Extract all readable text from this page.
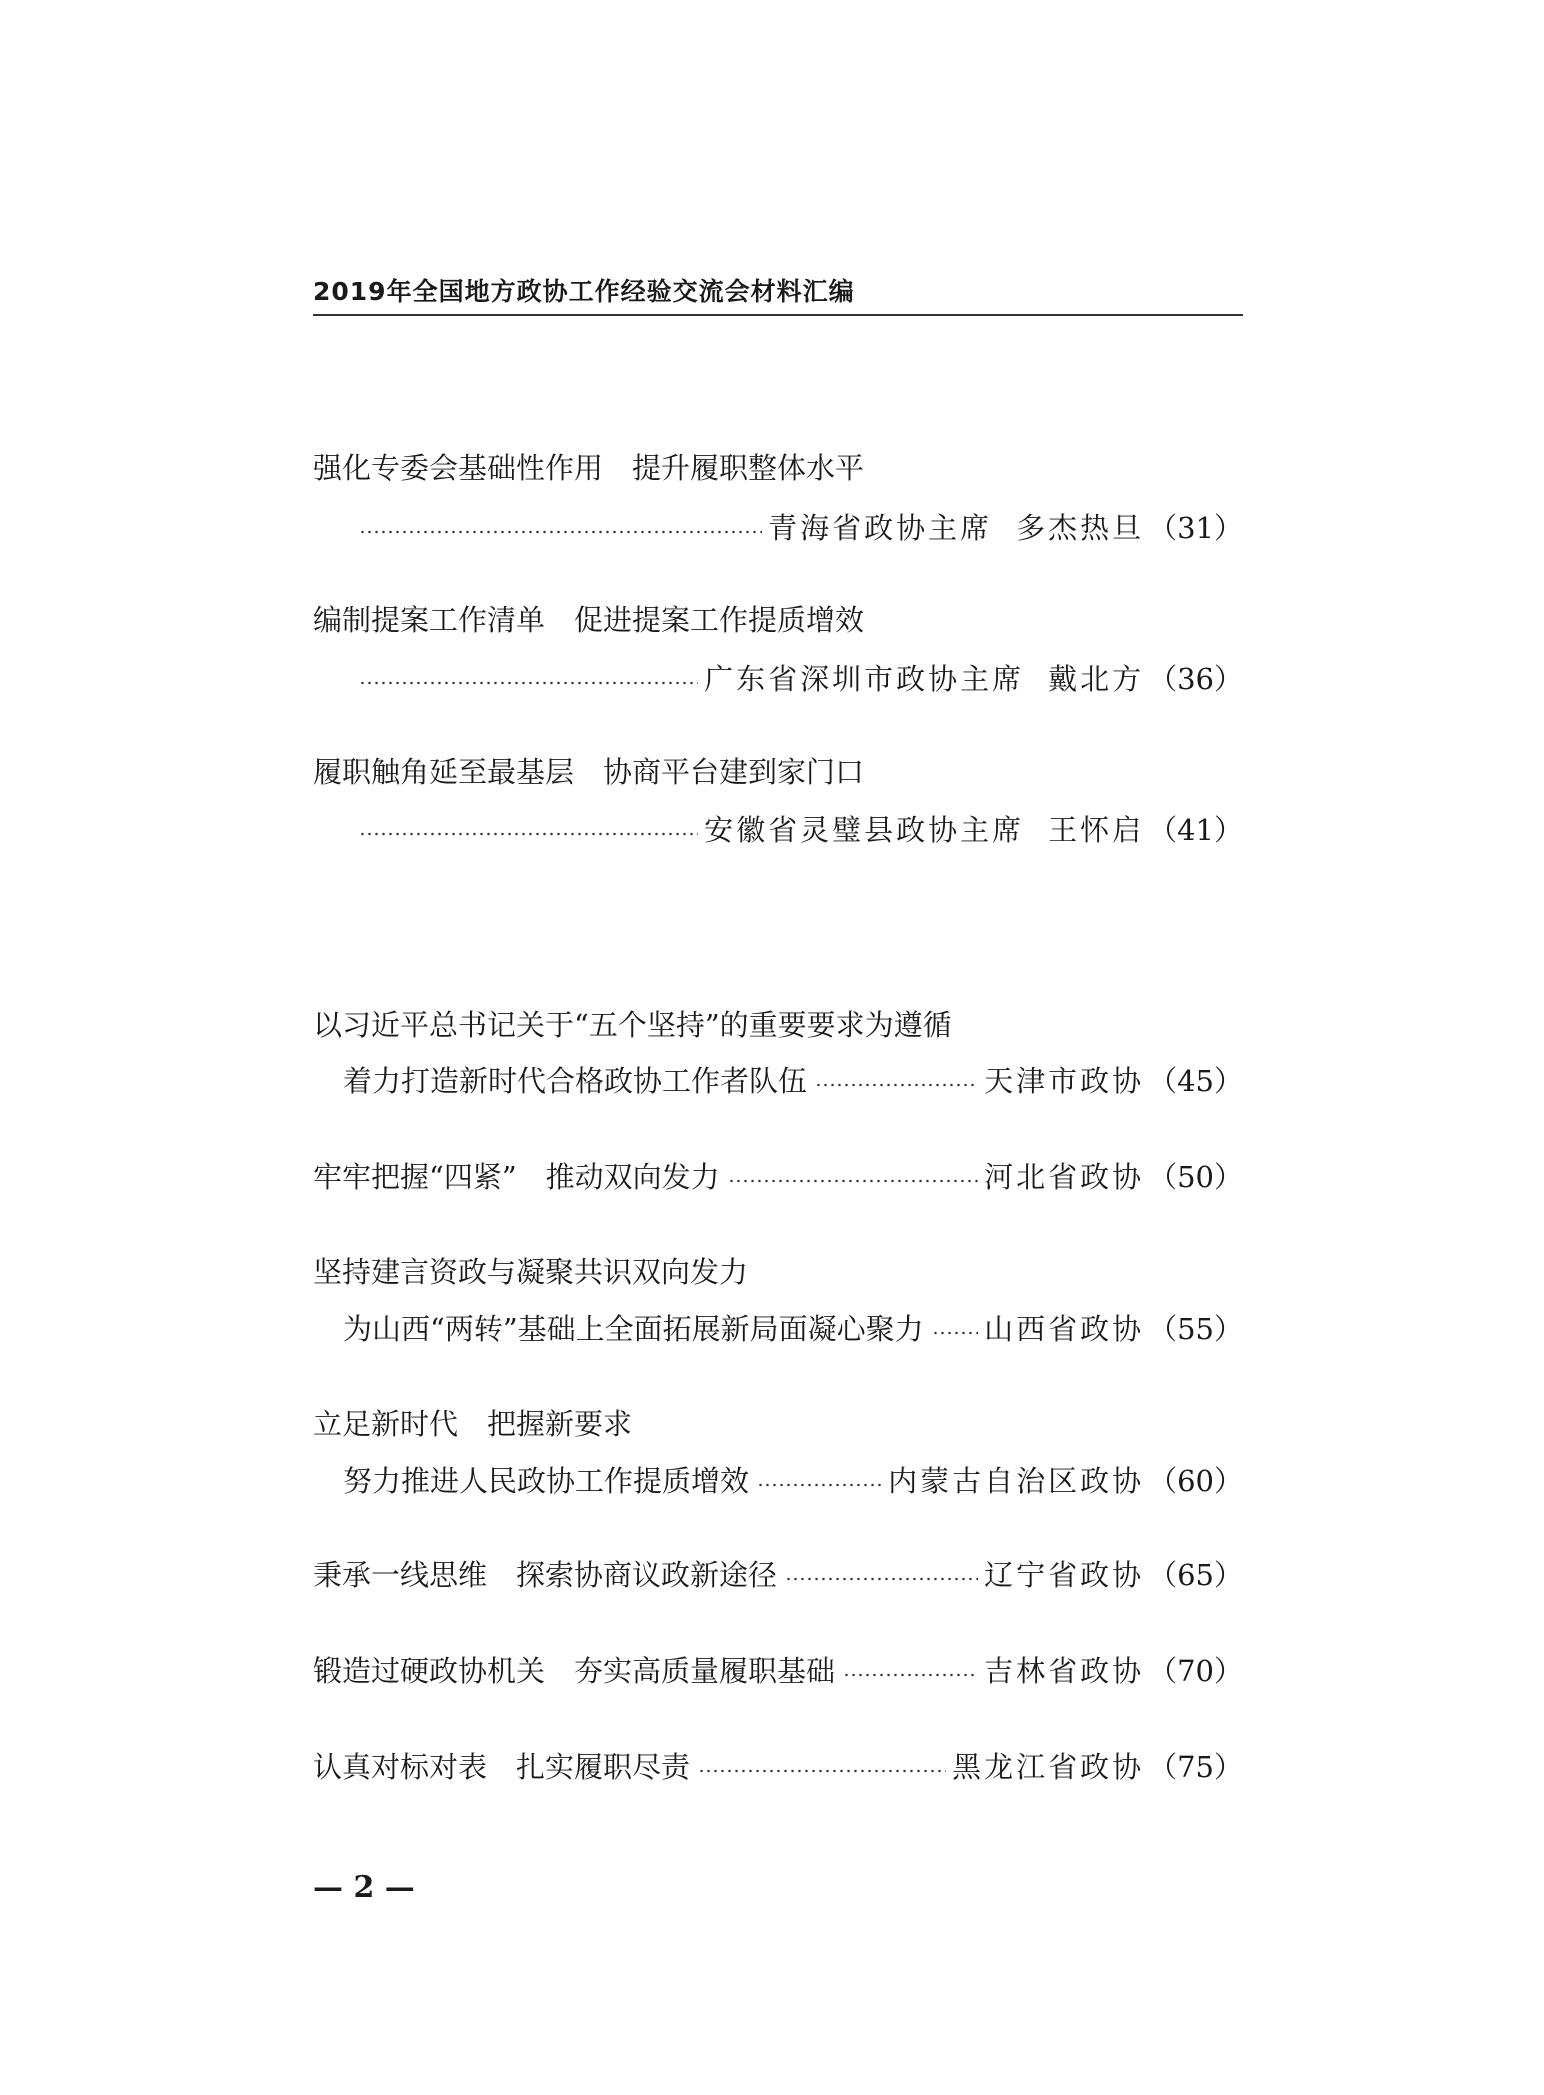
2019年全国地方政协工作经验交流会材料汇编
强化专委会基础性作用　提升履职整体水平
青海省政协主席 多杰热旦 （31）
编制提案工作清单　促进提案工作提质增效
广东省深圳市政协主席 戴北方 （36）
履职触角延至最基层　协商平台建到家门口
安徽省灵璧县政协主席 王怀启 （41）
以习近平总书记关于“五个坚持”的重要要求为遵循
着力打造新时代合格政协工作者队伍	天津市政协 （45）
牢牢把握“四紧”　推动双向发力	河北省政协 （50）
坚持建言资政与凝聚共识双向发力
为山西“两转”基础上全面拓展新局面凝心聚力 山西省政协 （55）
立足新时代　把握新要求
努力推进人民政协工作提质增效	内蒙古自治区政协 （60）
秉承一线思维　探索协商议政新途径	辽宁省政协 （65）
锻造过硬政协机关　夯实高质量履职基础	吉林省政协 （70）
认真对标对表　扎实履职尽责	黑龙江省政协 （75）
— 2 —
